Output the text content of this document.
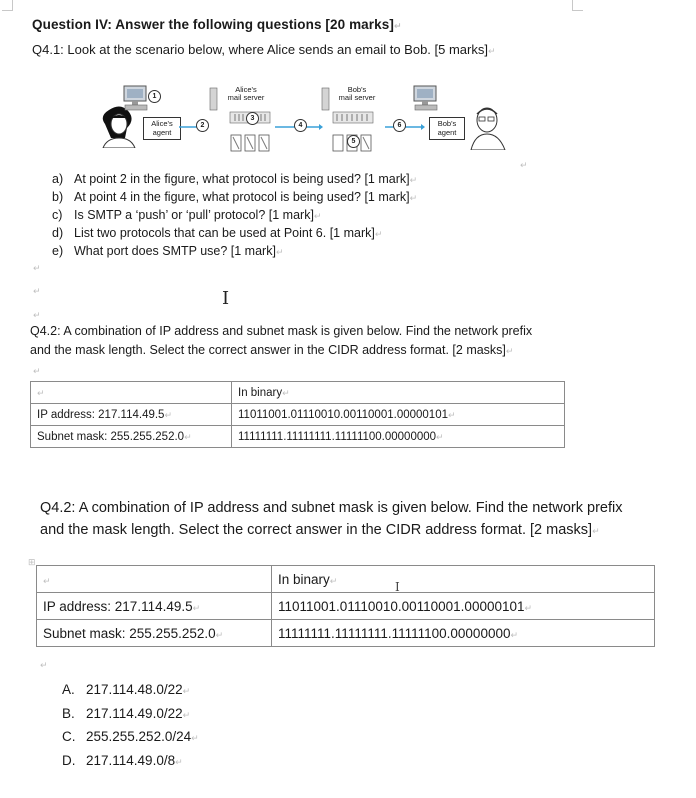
Question IV: Answer the following questions [20 marks]↵
Q4.1: Look at the scenario below, where Alice sends an email to Bob. [5 marks]↵
1
Alice's
agent
2
Alice's
mail server
3
4
Bob's
mail server
5
6	Bob's
agent
↵
a) At point 2 in the figure, what protocol is being used? [1 mark]↵
b) At point 4 in the figure, what protocol is being used? [1 mark]↵
c) Is SMTP a ‘push’ or ‘pull’ protocol? [1 mark]↵
d) List two protocols that can be used at Point 6. [1 mark]↵
e) What port does SMTP use? [1 mark]↵
↵
↵
↵
I
Q4.2: A combination of IP address and subnet mask is given below. Find the network prefix
and the mask length. Select the correct answer in the CIDR address format. [2 masks]↵
↵
↵	In binary↵
IP address: 217.114.49.5↵	11011001.01110010.00110001.00000101↵
Subnet mask: 255.255.252.0↵	11111111.11111111.11111100.00000000↵
Q4.2: A combination of IP address and subnet mask is given below. Find the network prefix
and the mask length. Select the correct answer in the CIDR address format. [2 masks]↵
⊞
↵	In binary↵
IP address: 217.114.49.5↵	11011001.01110010.00110001.00000101↵
Subnet mask: 255.255.252.0↵	11111111.11111111.11111100.00000000↵
I
↵
A. 217.114.48.0/22↵
B. 217.114.49.0/22↵
C. 255.255.252.0/24↵
D. 217.114.49.0/8↵
